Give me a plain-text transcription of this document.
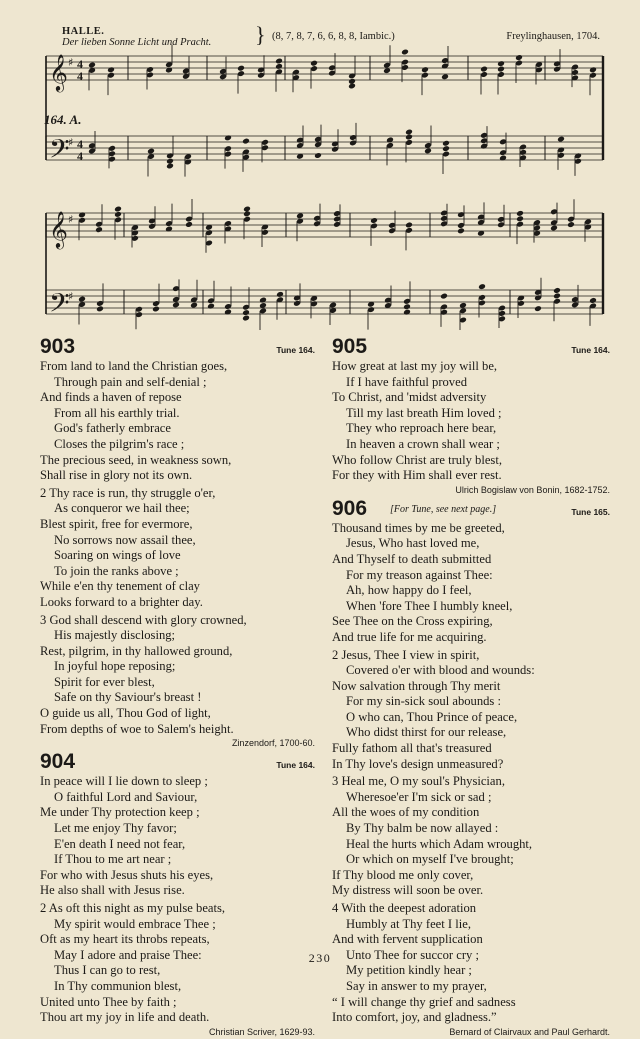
HALLE.
Der lieben Sonne Licht und Pracht. } (8, 7, 8, 7, 6, 6, 8, 8, Iambic.)	Freylinghausen, 1704.
𝄞 ♯ 4
4
𝄢
♯ 4
4
𝄞 ♯
𝄢
♯
164. A.
903	Tune 164.
From land to land the Christian goes,
Through pain and self-denial ;
And finds a haven of repose
From all his earthly trial.
God's fatherly embrace
Closes the pilgrim's race ;
The precious seed, in weakness sown,
Shall rise in glory not its own.
2 Thy race is run, thy struggle o'er,
As conqueror we hail thee;
Blest spirit, free for evermore,
No sorrows now assail thee,
Soaring on wings of love
To join the ranks above ;
While e'en thy tenement of clay
Looks forward to a brighter day.
3 God shall descend with glory crowned,
His majestly disclosing;
Rest, pilgrim, in thy hallowed ground,
In joyful hope reposing;
Spirit for ever blest,
Safe on thy Saviour's breast !
O guide us all, Thou God of light,
From depths of woe to Salem's height.
Zinzendorf, 1700-60.
904	Tune 164.
In peace will I lie down to sleep ;
O faithful Lord and Saviour,
Me under Thy protection keep ;
Let me enjoy Thy favor;
E'en death I need not fear,
If Thou to me art near ;
For who with Jesus shuts his eyes,
He also shall with Jesus rise.
2 As oft this night as my pulse beats,
My spirit would embrace Thee ;
Oft as my heart its throbs repeats,
May I adore and praise Thee:
Thus I can go to rest,
In Thy communion blest,
United unto Thee by faith ;
Thou art my joy in life and death.
Christian Scriver, 1629-93.
905	Tune 164.
How great at last my joy will be,
If I have faithful proved
To Christ, and 'midst adversity
Till my last breath Him loved ;
They who reproach here bear,
In heaven a crown shall wear ;
Who follow Christ are truly blest,
For they with Him shall ever rest.
Ulrich Bogislaw von Bonin, 1682-1752.
906 [For Tune, see next page.]	Tune 165.
Thousand times by me be greeted,
Jesus, Who hast loved me,
And Thyself to death submitted
For my treason against Thee:
Ah, how happy do I feel,
When 'fore Thee I humbly kneel,
See Thee on the Cross expiring,
And true life for me acquiring.
2 Jesus, Thee I view in spirit,
Covered o'er with blood and wounds:
Now salvation through Thy merit
For my sin-sick soul abounds :
O who can, Thou Prince of peace,
Who didst thirst for our release,
Fully fathom all that's treasured
In Thy love's design unmeasured?
3 Heal me, O my soul's Physician,
Wheresoe'er I'm sick or sad ;
All the woes of my condition
By Thy balm be now allayed :
Heal the hurts which Adam wrought,
Or which on myself I've brought;
If Thy blood me only cover,
My distress will soon be over.
4 With the deepest adoration
Humbly at Thy feet I lie,
And with fervent supplication
Unto Thee for succor cry ;
My petition kindly hear ;
Say in answer to my prayer,
“ I will change thy grief and sadness
Into comfort, joy, and gladness.”
Bernard of Clairvaux and Paul Gerhardt.
230
